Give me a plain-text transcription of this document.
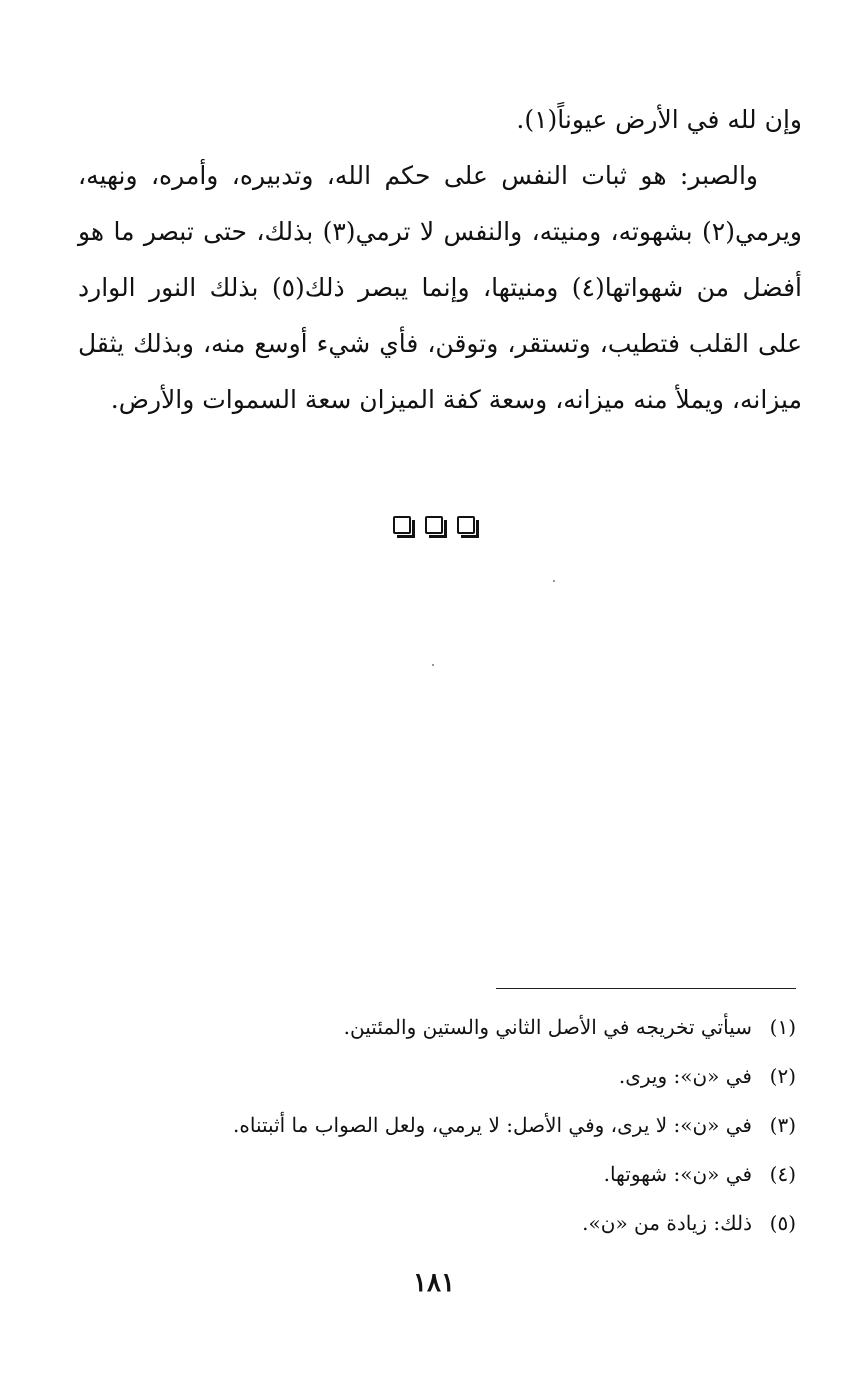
وإن لله في الأرض عيوناً(١).

والصبر: هو ثبات النفس على حكم الله، وتدبيره، وأمره، ونهيه، ويرمي(٢) بشهوته، ومنيته، والنفس لا ترمي(٣) بذلك، حتى تبصر ما هو أفضل من شهواتها(٤) ومنيتها، وإنما يبصر ذلك(٥) بذلك النور الوارد على القلب فتطيب، وتستقر، وتوقن، فأي شيء أوسع منه، وبذلك يثقل ميزانه، ويملأ منه ميزانه، وسعة كفة الميزان سعة السموات والأرض.

(١)
سيأتي تخريجه في الأصل الثاني والستين والمئتين.
(٢)
في «ن»: ويرى.
(٣)
في «ن»: لا يرى، وفي الأصل: لا يرمي، ولعل الصواب ما أثبتناه.
(٤)
في «ن»: شهوتها.
(٥)
ذلك: زيادة من «ن».
١٨١
